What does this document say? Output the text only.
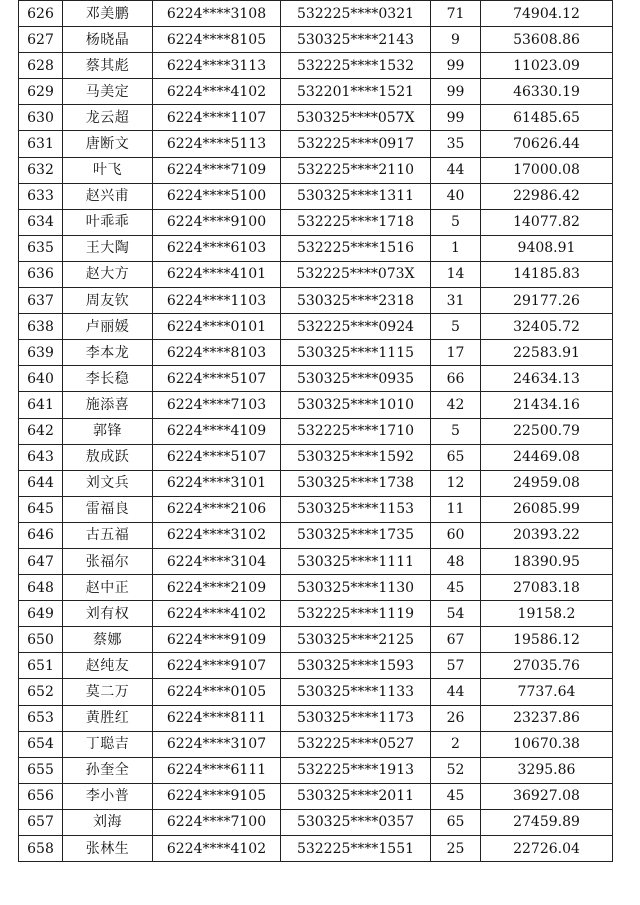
626	邓美鹏	6224****3108	532225****0321	71	74904.12
627	杨晓晶	6224****8105	530325****2143	9	53608.86
628	蔡其彪	6224****3113	532225****1532	99	11023.09
629	马美定	6224****4102	532201****1521	99	46330.19
630	龙云超	6224****1107	530325****057X	99	61485.65
631	唐断文	6224****5113	532225****0917	35	70626.44
632	叶飞	6224****7109	532225****2110	44	17000.08
633	赵兴甫	6224****5100	530325****1311	40	22986.42
634	叶乖乖	6224****9100	532225****1718	5	14077.82
635	王大陶	6224****6103	532225****1516	1	9408.91
636	赵大方	6224****4101	532225****073X	14	14185.83
637	周友钦	6224****1103	530325****2318	31	29177.26
638	卢丽媛	6224****0101	532225****0924	5	32405.72
639	李本龙	6224****8103	530325****1115	17	22583.91
640	李长稳	6224****5107	530325****0935	66	24634.13
641	施添喜	6224****7103	530325****1010	42	21434.16
642	郭锋	6224****4109	532225****1710	5	22500.79
643	敖成跃	6224****5107	530325****1592	65	24469.08
644	刘文兵	6224****3101	530325****1738	12	24959.08
645	雷福良	6224****2106	530325****1153	11	26085.99
646	古五福	6224****3102	530325****1735	60	20393.22
647	张福尔	6224****3104	530325****1111	48	18390.95
648	赵中正	6224****2109	530325****1130	45	27083.18
649	刘有权	6224****4102	532225****1119	54	19158.2
650	蔡娜	6224****9109	530325****2125	67	19586.12
651	赵纯友	6224****9107	530325****1593	57	27035.76
652	莫二万	6224****0105	530325****1133	44	7737.64
653	黄胜红	6224****8111	530325****1173	26	23237.86
654	丁聪吉	6224****3107	532225****0527	2	10670.38
655	孙奎全	6224****6111	532225****1913	52	3295.86
656	李小普	6224****9105	530325****2011	45	36927.08
657	刘海	6224****7100	530325****0357	65	27459.89
658	张林生	6224****4102	532225****1551	25	22726.04
